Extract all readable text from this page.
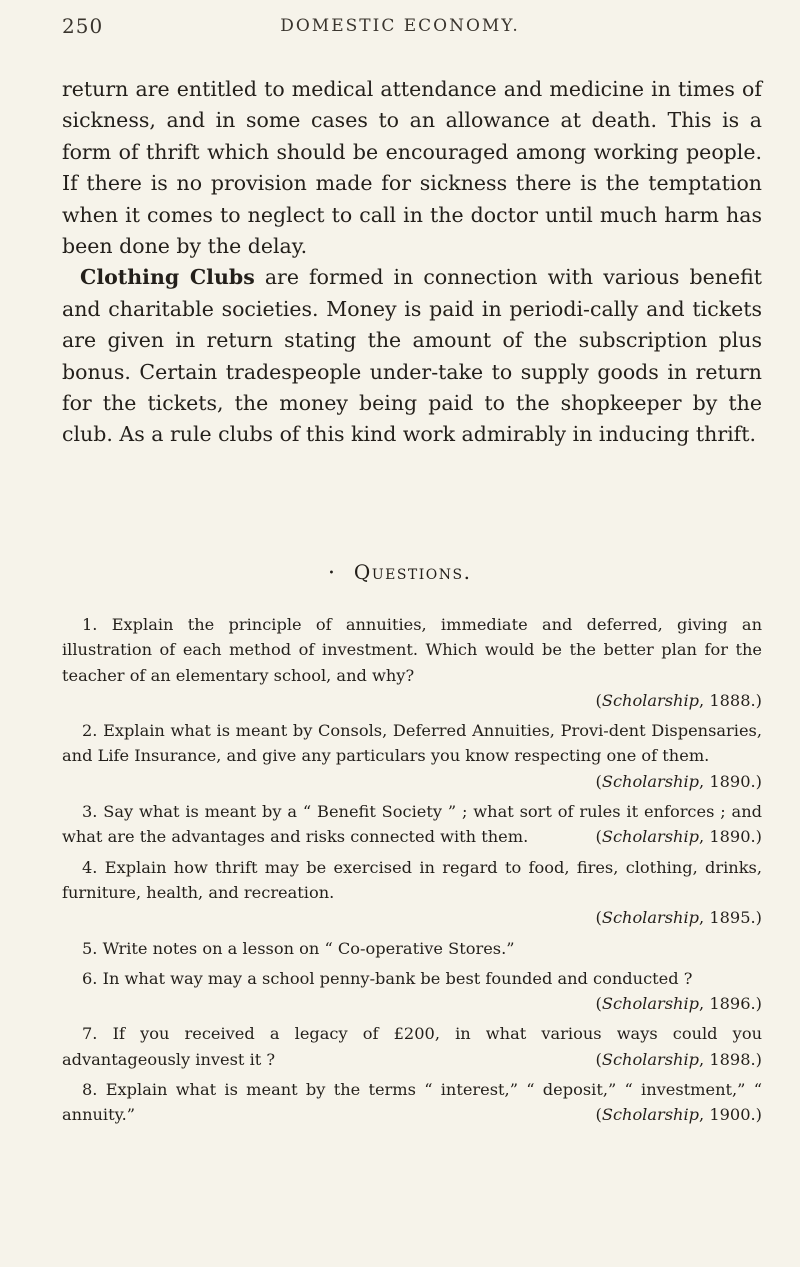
250	DOMESTIC ECONOMY.

return are entitled to medical attendance and medicine in times of sickness, and in some cases to an allowance at death. This is a form of thrift which should be encouraged among working people. If there is no provision made for sickness there is the temptation when it comes to neglect to call in the doctor until much harm has been done by the delay.

Clothing Clubs are formed in connection with various benefit and charitable societies. Money is paid in periodi-cally and tickets are given in return stating the amount of the subscription plus bonus. Certain tradespeople under-take to supply goods in return for the tickets, the money being paid to the shopkeeper by the club. As a rule clubs of this kind work admirably in inducing thrift.

• Questions.
1. Explain the principle of annuities, immediate and deferred, giving an illustration of each method of investment. Which would be the better plan for the teacher of an elementary school, and why?
(Scholarship, 1888.)
2. Explain what is meant by Consols, Deferred Annuities, Provi-dent Dispensaries, and Life Insurance, and give any particulars you know respecting one of them.
(Scholarship, 1890.)
3. Say what is meant by a “ Benefit Society ” ; what sort of rules it enforces ; and what are the advantages and risks connected with them.	(Scholarship, 1890.)
4. Explain how thrift may be exercised in regard to food, fires, clothing, drinks, furniture, health, and recreation.
(Scholarship, 1895.)
5. Write notes on a lesson on “ Co-operative Stores.”
6. In what way may a school penny-bank be best founded and conducted ?
(Scholarship, 1896.)
7. If you received a legacy of £200, in what various ways could you advantageously invest it ?	(Scholarship, 1898.)
8. Explain what is meant by the terms “ interest,” “ deposit,” “ investment,” “ annuity.”	(Scholarship, 1900.)
